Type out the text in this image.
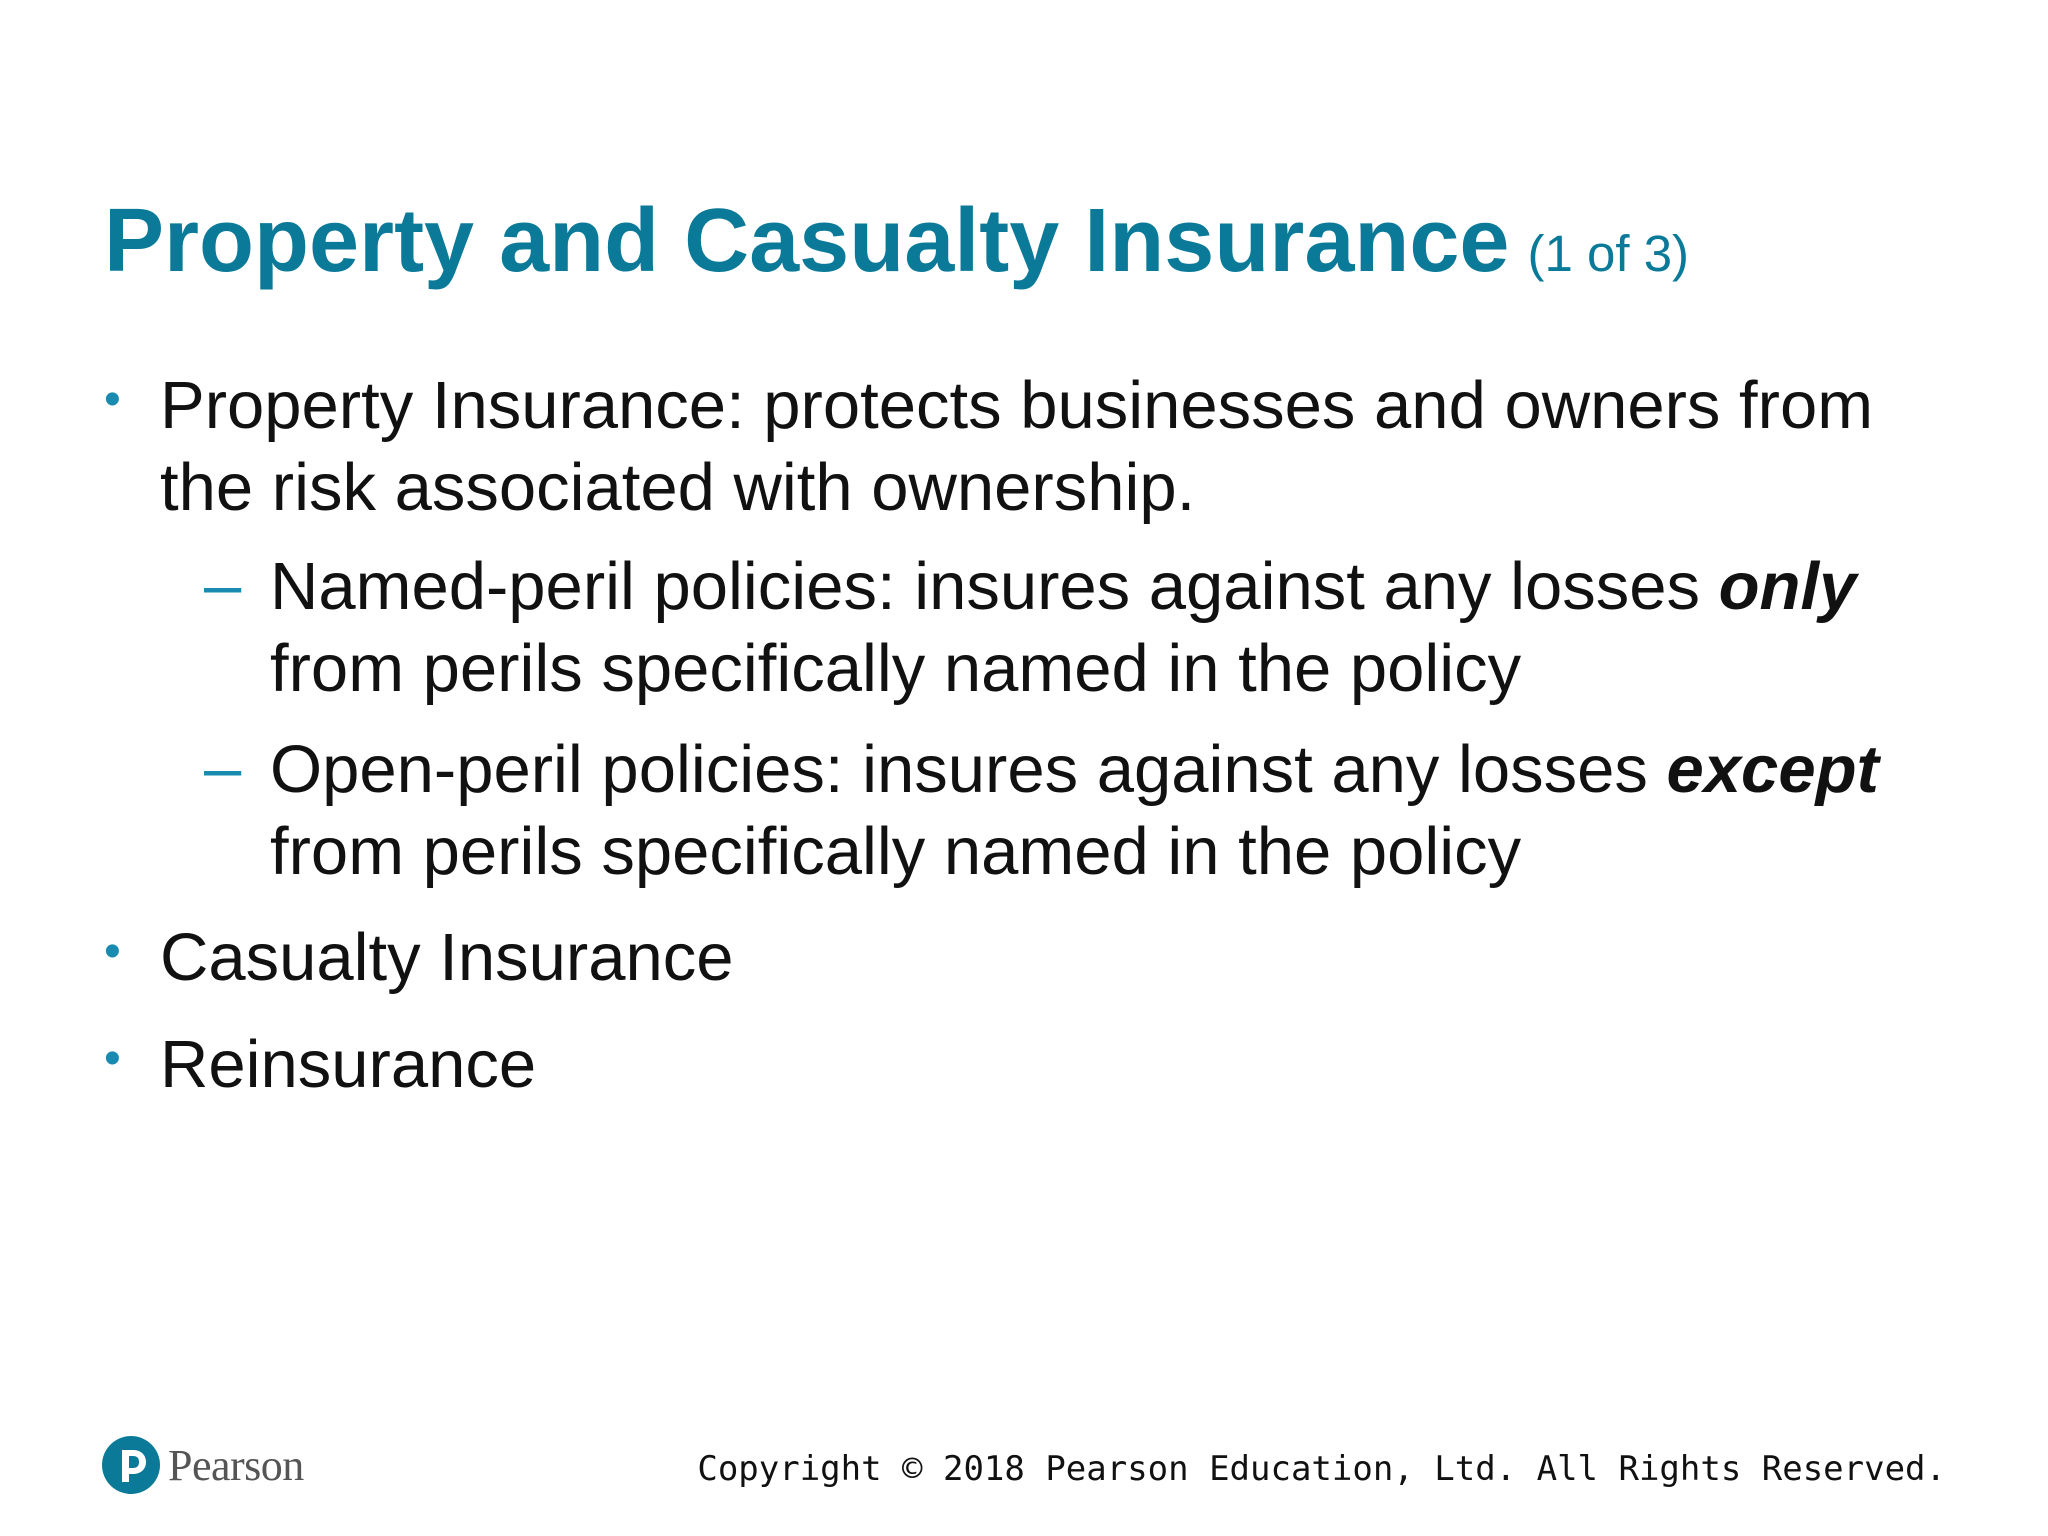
Property and Casualty Insurance (1 of 3)
• Property Insurance: protects businesses and owners from
the risk associated with ownership.
– Named-peril policies: insures against any losses only
from perils specifically named in the policy
– Open-peril policies: insures against any losses except
from perils specifically named in the policy
• Casualty Insurance
• Reinsurance
Pearson	Copyright © 2018 Pearson Education, Ltd. All Rights Reserved.
